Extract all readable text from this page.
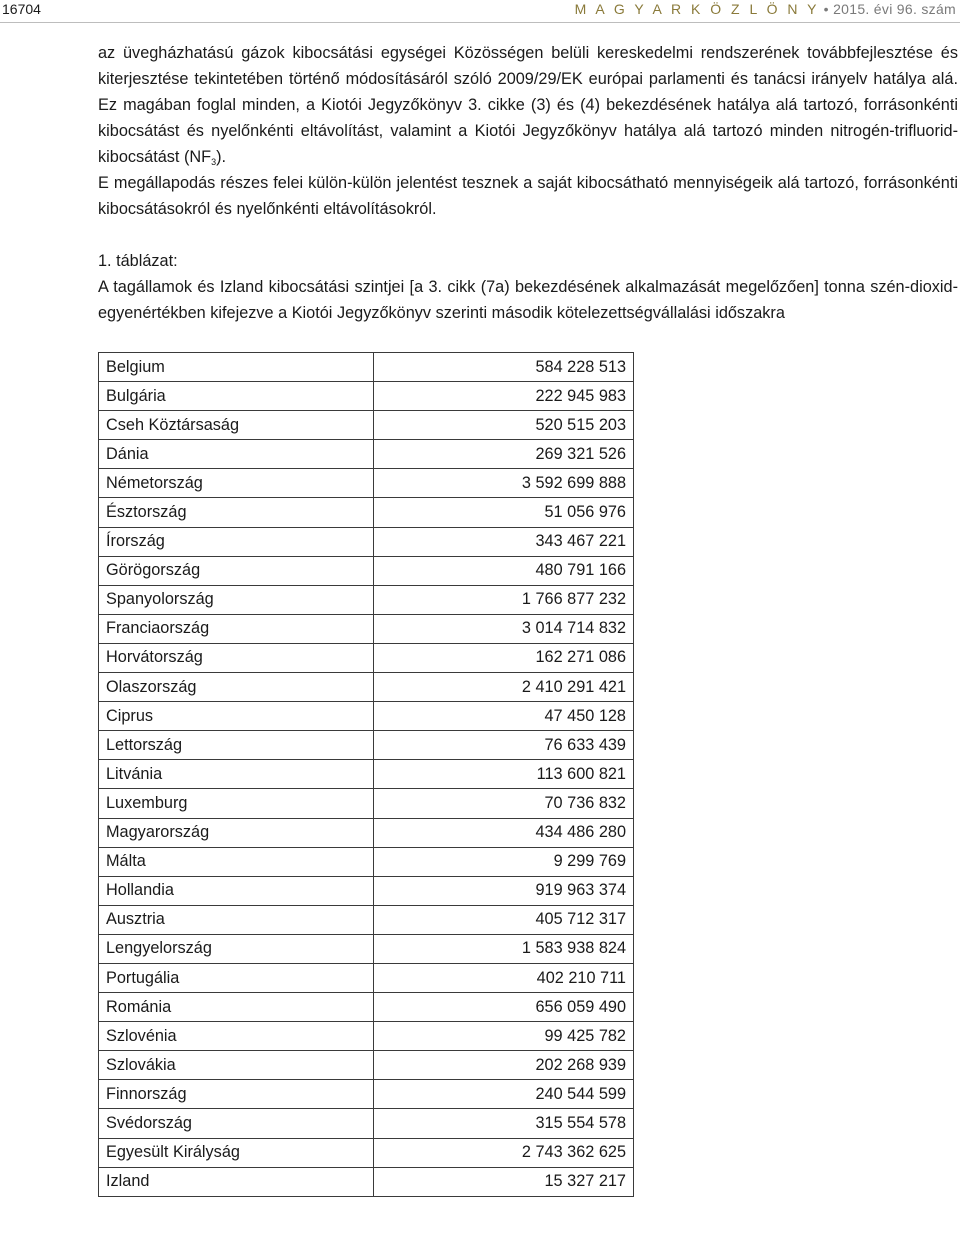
16704	M A G Y A R K Ö Z L Ö N Y • 2015. évi 96. szám

az üvegházhatású gázok kibocsátási egységei Közösségen belüli kereskedelmi rendszerének továbbfejlesztése és kiterjesztése tekintetében történő módosításáról szóló 2009/29/EK európai parlamenti és tanácsi irányelv hatálya alá. Ez magában foglal minden, a Kiotói Jegyzőkönyv 3. cikke (3) és (4) bekezdésének hatálya alá tartozó, forrásonkénti kibocsátást és nyelőnkénti eltávolítást, valamint a Kiotói Jegyzőkönyv hatálya alá tartozó minden nitrogén-trifluorid-kibocsátást $(NF_3)$.

E megállapodás részes felei külön-külön jelentést tesznek a saját kibocsátható mennyiségeik alá tartozó, forrásonkénti kibocsátásokról és nyelőnkénti eltávolításokról.

1. táblázat:

A tagállamok és Izland kibocsátási szintjei [a 3. cikk (7a) bekezdésének alkalmazását megelőzően] tonna szén-dioxid-egyenértékben kifejezve a Kiotói Jegyzőkönyv szerinti második kötelezettségvállalási időszakra

Belgium	584 228 513
Bulgária	222 945 983
Cseh Köztársaság	520 515 203
Dánia	269 321 526
Németország	3 592 699 888
Észtország	51 056 976
Írország	343 467 221
Görögország	480 791 166
Spanyolország	1 766 877 232
Franciaország	3 014 714 832
Horvátország	162 271 086
Olaszország	2 410 291 421
Ciprus	47 450 128
Lettország	76 633 439
Litvánia	113 600 821
Luxemburg	70 736 832
Magyarország	434 486 280
Málta	9 299 769
Hollandia	919 963 374
Ausztria	405 712 317
Lengyelország	1 583 938 824
Portugália	402 210 711
Románia	656 059 490
Szlovénia	99 425 782
Szlovákia	202 268 939
Finnország	240 544 599
Svédország	315 554 578
Egyesült Királyság	2 743 362 625
Izland	15 327 217
